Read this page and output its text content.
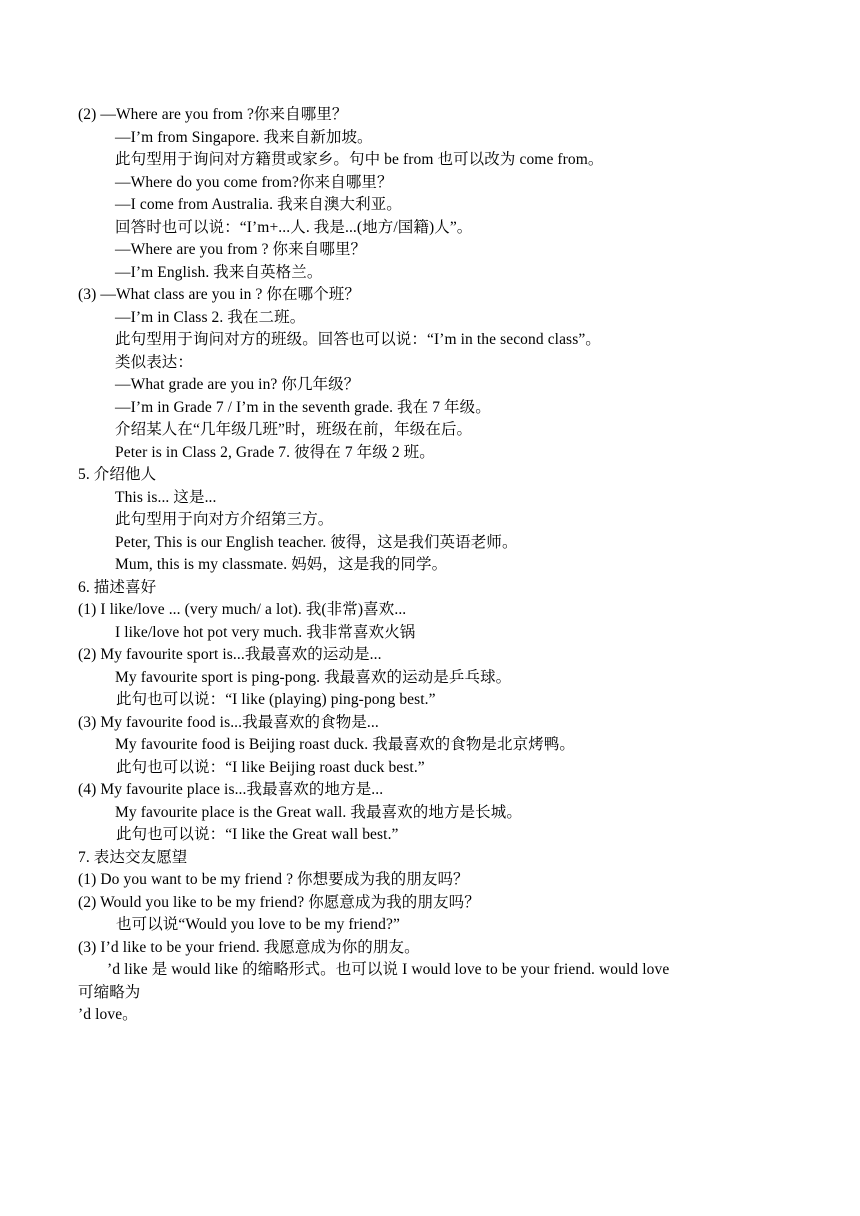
(2) —Where are you from ?你来自哪里？
—I’m from Singapore. 我来自新加坡。
此句型用于询问对方籍贯或家乡。句中 be from 也可以改为 come from。
—Where do you come from?你来自哪里？
—I come from Australia. 我来自澳大利亚。
回答时也可以说：“I’m+...人. 我是...(地方/国籍)人”。
—Where are you from ? 你来自哪里？
—I’m English. 我来自英格兰。
(3) —What class are you in ? 你在哪个班？
—I’m in Class 2. 我在二班。
此句型用于询问对方的班级。回答也可以说：“I’m in the second class”。
类似表达：
—What grade are you in? 你几年级？
—I’m in Grade 7 / I’m in the seventh grade. 我在 7 年级。
介绍某人在“几年级几班”时，班级在前，年级在后。
Peter is in Class 2, Grade 7. 彼得在 7 年级 2 班。
5. 介绍他人
This is... 这是...
此句型用于向对方介绍第三方。
Peter, This is our English teacher. 彼得，这是我们英语老师。
Mum, this is my classmate. 妈妈，这是我的同学。
6. 描述喜好
(1) I like/love ... (very much/ a lot). 我(非常)喜欢...
I like/love hot pot very much. 我非常喜欢火锅
(2) My favourite sport is...我最喜欢的运动是...
My favourite sport is ping-pong. 我最喜欢的运动是乒乓球。
此句也可以说：“I like (playing) ping-pong best.”
(3) My favourite food is...我最喜欢的食物是...
My favourite food is Beijing roast duck. 我最喜欢的食物是北京烤鸭。
此句也可以说：“I like Beijing roast duck best.”
(4) My favourite place is...我最喜欢的地方是...
My favourite place is the Great wall. 我最喜欢的地方是长城。
此句也可以说：“I like the Great wall best.”
7. 表达交友愿望
(1) Do you want to be my friend ? 你想要成为我的朋友吗？
(2) Would you like to be my friend? 你愿意成为我的朋友吗？
也可以说“Would you love to be my friend?”
(3) I’d like to be your friend. 我愿意成为你的朋友。
’d like 是 would like 的缩略形式。也可以说 I would love to be your friend. would love
可缩略为
’d love。
